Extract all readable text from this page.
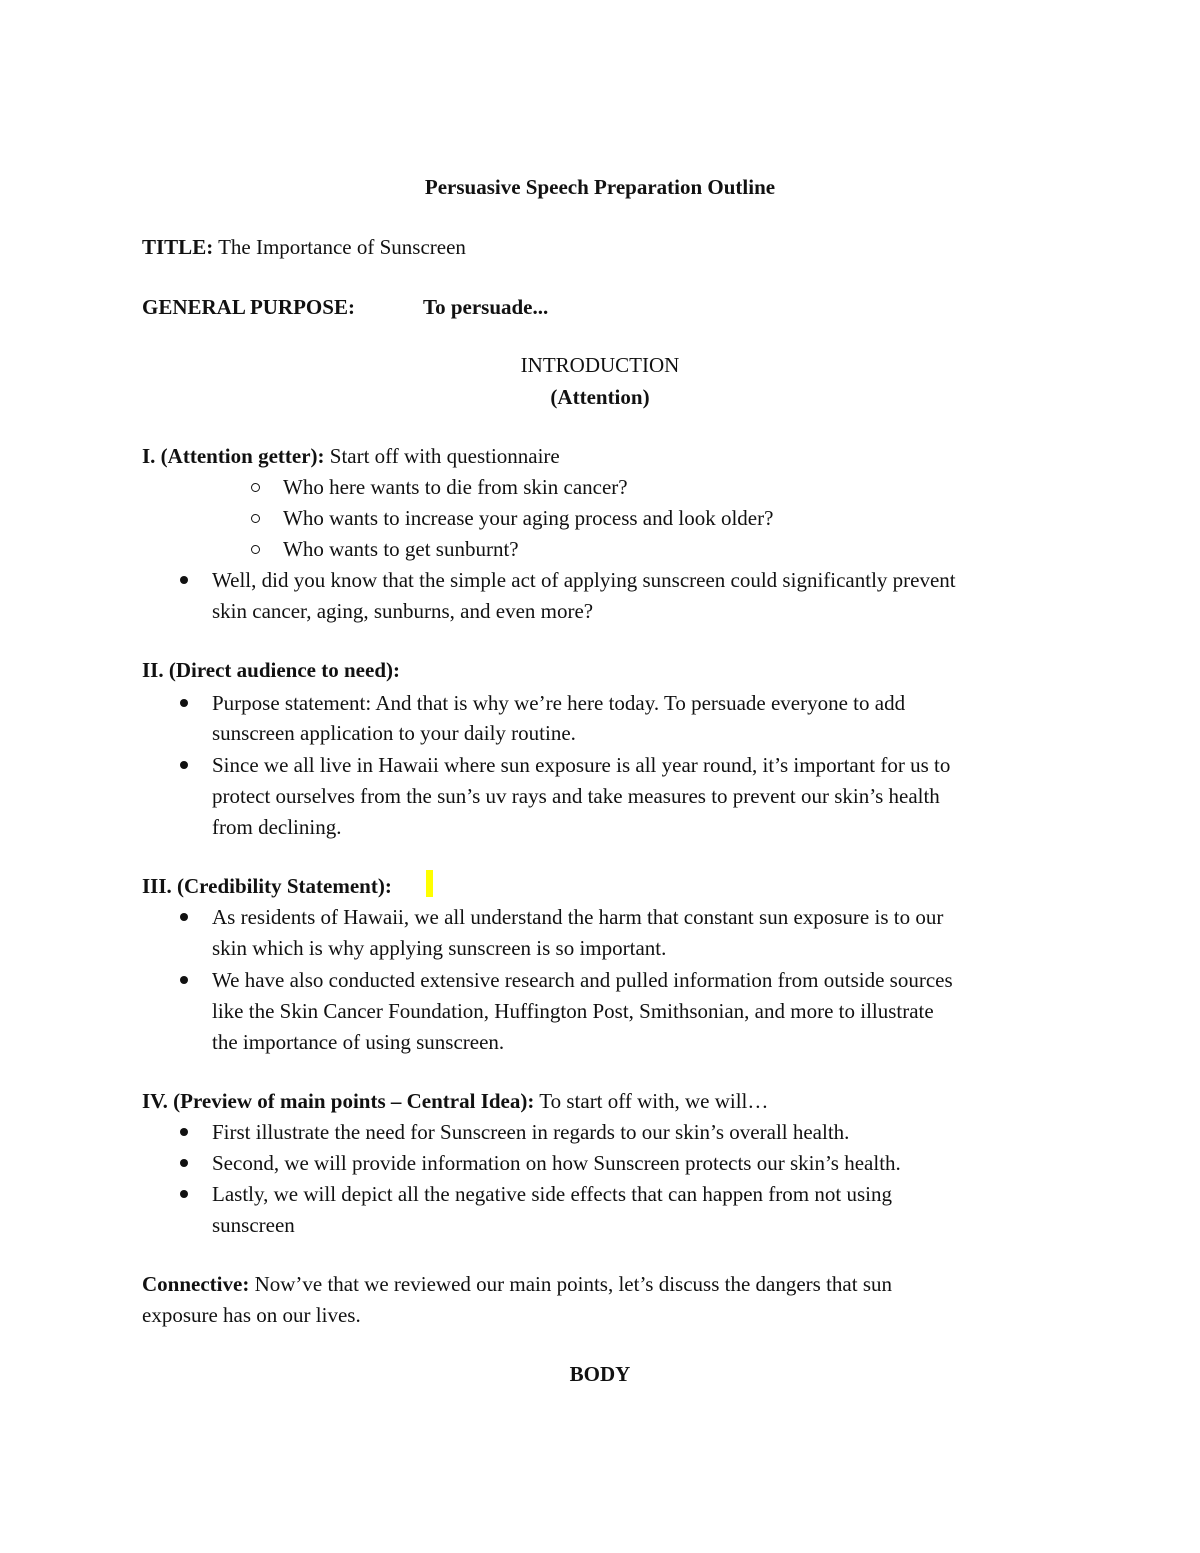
Persuasive Speech Preparation Outline
TITLE: The Importance of Sunscreen
GENERAL PURPOSE:	To persuade...
INTRODUCTION
(Attention)
I. (Attention getter): Start off with questionnaire
Who here wants to die from skin cancer?
Who wants to increase your aging process and look older?
Who wants to get sunburnt?
Well, did you know that the simple act of applying sunscreen could significantly prevent
skin cancer, aging, sunburns, and even more?
II. (Direct audience to need):
Purpose statement: And that is why we’re here today. To persuade everyone to add
sunscreen application to your daily routine.
Since we all live in Hawaii where sun exposure is all year round, it’s important for us to
protect ourselves from the sun’s uv rays and take measures to prevent our skin’s health
from declining.
III. (Credibility Statement):
As residents of Hawaii, we all understand the harm that constant sun exposure is to our
skin which is why applying sunscreen is so important.
We have also conducted extensive research and pulled information from outside sources
like the Skin Cancer Foundation, Huffington Post, Smithsonian, and more to illustrate
the importance of using sunscreen.
IV. (Preview of main points – Central Idea): To start off with, we will…
First illustrate the need for Sunscreen in regards to our skin’s overall health.
Second, we will provide information on how Sunscreen protects our skin’s health.
Lastly, we will depict all the negative side effects that can happen from not using
sunscreen
Connective: Now’ve that we reviewed our main points, let’s discuss the dangers that sun
exposure has on our lives.
BODY
